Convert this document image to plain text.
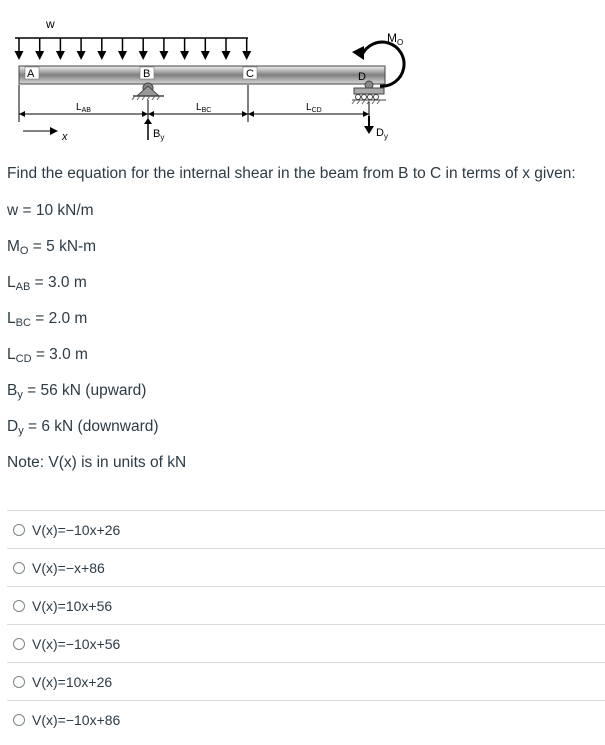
w
A	B	C	D
$M_O$
$L_{AB}$	$L_{BC}$	$L_{CD}$
x	$B_y$	$D_y$
Find the equation for the internal shear in the beam from B to C in terms of x given:
w = 10 kN/m
$M_O = 5$ kN-m
$L_{AB} = 3.0$ m
$L_{BC} = 2.0$ m
$L_{CD} = 3.0$ m
$B_y = 56$ kN (upward)
$D_y = 6$ kN (downward)
Note: V(x) is in units of kN
V(x)=−10x+26
V(x)=−x+86
V(x)=10x+56
V(x)=−10x+56
V(x)=10x+26
V(x)=−10x+86
